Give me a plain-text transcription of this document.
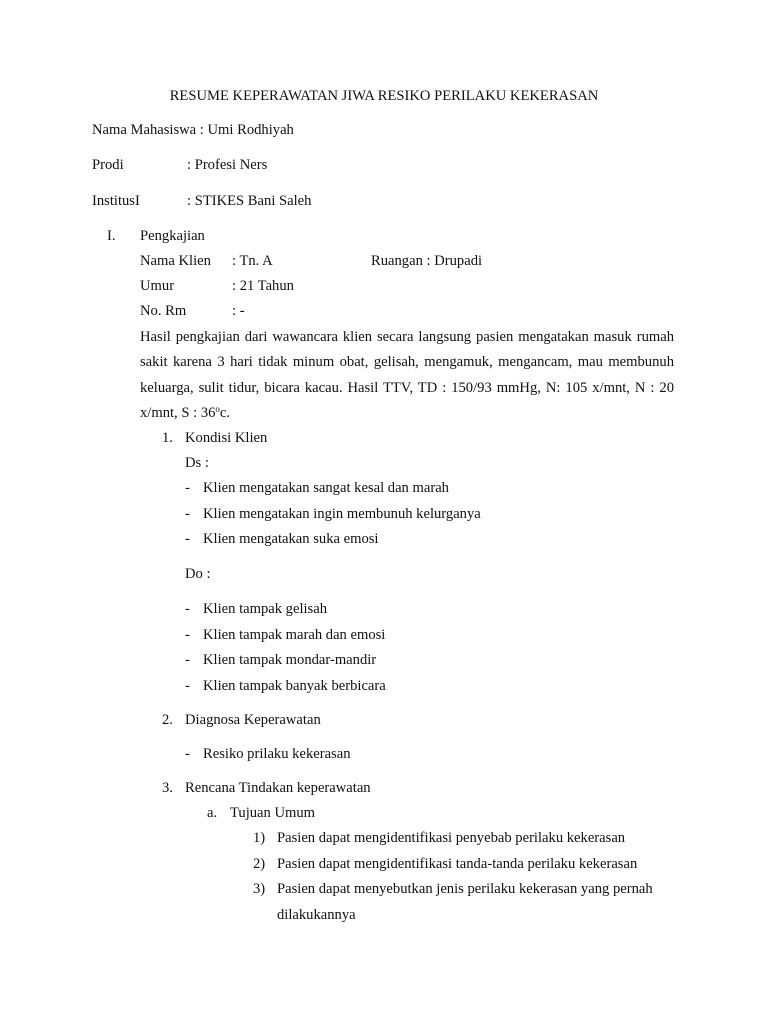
RESUME KEPERAWATAN JIWA RESIKO PERILAKU KEKERASAN
Nama Mahasiswa : Umi Rodhiyah
Prodi	: Profesi Ners
InstitusI	: STIKES Bani Saleh
I. Pengkajian
Nama Klien : Tn. A	Ruangan : Drupadi
Umur	: 21 Tahun
No. Rm	: -
Hasil pengkajian dari wawancara klien secara langsung pasien mengatakan masuk rumah sakit karena 3 hari tidak minum obat, gelisah, mengamuk, mengancam, mau membunuh keluarga, sulit tidur, bicara kacau. Hasil TTV, TD : 150/93 mmHg, N: 105 x/mnt, N : 20 x/mnt, S : 36$^o$c.
1. Kondisi Klien
Ds :
- Klien mengatakan sangat kesal dan marah
- Klien mengatakan ingin membunuh kelurganya
- Klien mengatakan suka emosi
Do :
- Klien tampak gelisah
- Klien tampak marah dan emosi
- Klien tampak mondar-mandir
- Klien tampak banyak berbicara
2. Diagnosa Keperawatan
- Resiko prilaku kekerasan
3. Rencana Tindakan keperawatan
a. Tujuan Umum
1) Pasien dapat mengidentifikasi penyebab perilaku kekerasan
2) Pasien dapat mengidentifikasi tanda-tanda perilaku kekerasan
3) Pasien dapat menyebutkan jenis perilaku kekerasan yang pernah
dilakukannya
